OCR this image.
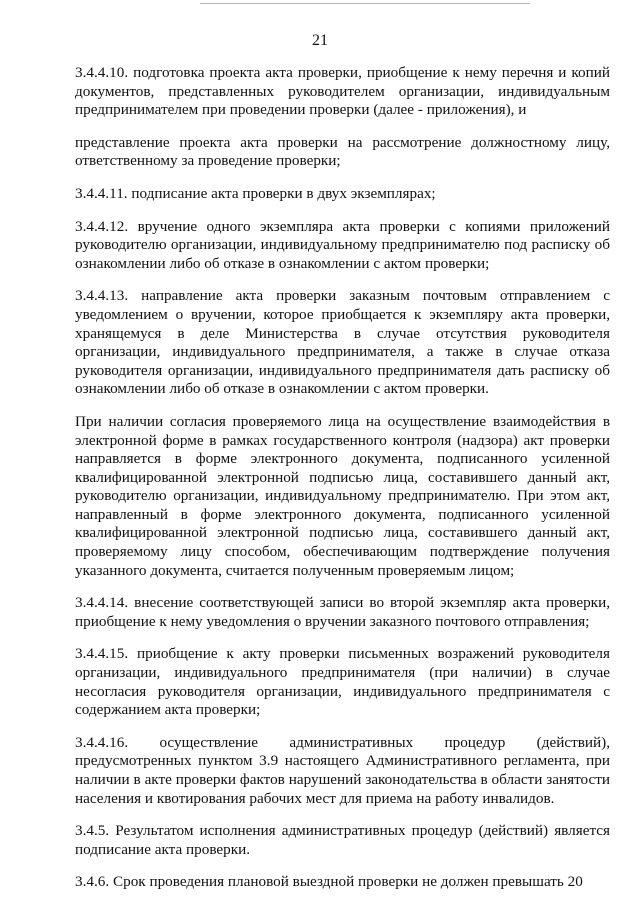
21

3.4.4.10. подготовка проекта акта проверки, приобщение к нему перечня и копий документов, представленных руководителем организации, индивидуальным предпринимателем при проведении проверки (далее - приложения), и

представление проекта акта проверки на рассмотрение должностному лицу, ответственному за проведение проверки;

3.4.4.11. подписание акта проверки в двух экземплярах;

3.4.4.12. вручение одного экземпляра акта проверки с копиями приложений руководителю организации, индивидуальному предпринимателю под расписку об ознакомлении либо об отказе в ознакомлении с актом проверки;

3.4.4.13. направление акта проверки заказным почтовым отправлением с уведомлением о вручении, которое приобщается к экземпляру акта проверки, хранящемуся в деле Министерства в случае отсутствия руководителя организации, индивидуального предпринимателя, а также в случае отказа руководителя организации, индивидуального предпринимателя дать расписку об ознакомлении либо об отказе в ознакомлении с актом проверки.

При наличии согласия проверяемого лица на осуществление взаимодействия в электронной форме в рамках государственного контроля (надзора) акт проверки направляется в форме электронного документа, подписанного усиленной квалифицированной электронной подписью лица, составившего данный акт, руководителю организации, индивидуальному предпринимателю. При этом акт, направленный в форме электронного документа, подписанного усиленной квалифицированной электронной подписью лица, составившего данный акт, проверяемому лицу способом, обеспечивающим подтверждение получения указанного документа, считается полученным проверяемым лицом;

3.4.4.14. внесение соответствующей записи во второй экземпляр акта проверки, приобщение к нему уведомления о вручении заказного почтового отправления;

3.4.4.15. приобщение к акту проверки письменных возражений руководителя организации, индивидуального предпринимателя (при наличии) в случае несогласия руководителя организации, индивидуального предпринимателя с содержанием акта проверки;

3.4.4.16. осуществление административных процедур (действий), предусмотренных пунктом 3.9 настоящего Административного регламента, при наличии в акте проверки фактов нарушений законодательства в области занятости населения и квотирования рабочих мест для приема на работу инвалидов.

3.4.5. Результатом исполнения административных процедур (действий) является подписание акта проверки.

3.4.6. Срок проведения плановой выездной проверки не должен превышать 20
